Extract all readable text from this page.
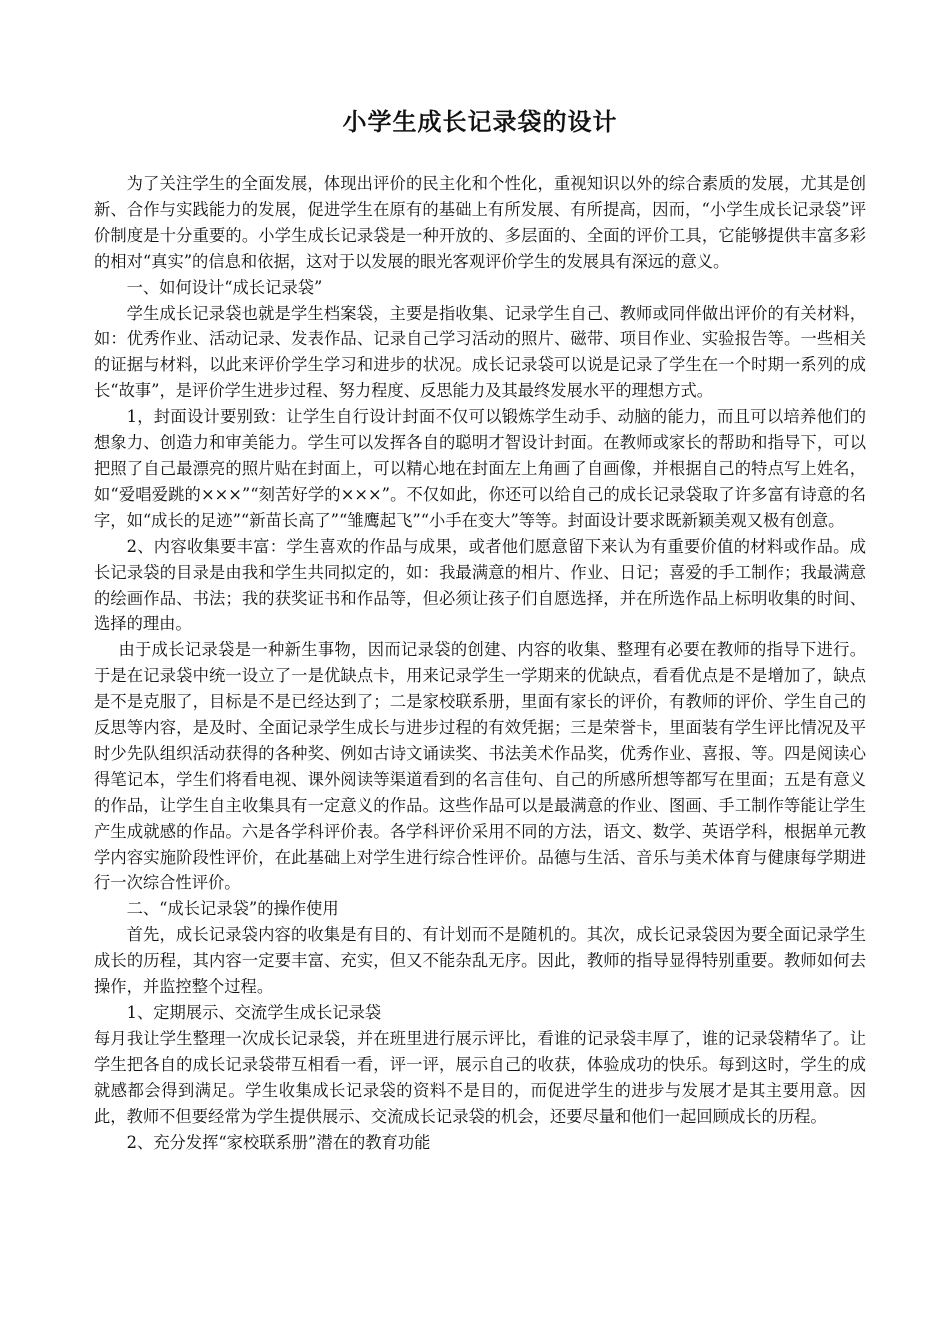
小学生成长记录袋的设计

为了关注学生的全面发展，体现出评价的民主化和个性化，重视知识以外的综合素质的发展，尤其是创新、合作与实践能力的发展，促进学生在原有的基础上有所发展、有所提高，因而，“小学生成长记录袋”评价制度是十分重要的。小学生成长记录袋是一种开放的、多层面的、全面的评价工具，它能够提供丰富多彩的相对“真实”的信息和依据，这对于以发展的眼光客观评价学生的发展具有深远的意义。

一、如何设计“成长记录袋”

学生成长记录袋也就是学生档案袋，主要是指收集、记录学生自己、教师或同伴做出评价的有关材料，如：优秀作业、活动记录、发表作品、记录自己学习活动的照片、磁带、项目作业、实验报告等。一些相关的证据与材料，以此来评价学生学习和进步的状况。成长记录袋可以说是记录了学生在一个时期一系列的成长“故事”，是评价学生进步过程、努力程度、反思能力及其最终发展水平的理想方式。

1，封面设计要别致：让学生自行设计封面不仅可以锻炼学生动手、动脑的能力，而且可以培养他们的想象力、创造力和审美能力。学生可以发挥各自的聪明才智设计封面。在教师或家长的帮助和指导下，可以把照了自己最漂亮的照片贴在封面上，可以精心地在封面左上角画了自画像，并根据自己的特点写上姓名，如“爱唱爱跳的×××”“刻苦好学的×××”。不仅如此，你还可以给自己的成长记录袋取了许多富有诗意的名字，如“成长的足迹”“新苗长高了”“雏鹰起飞”“小手在变大”等等。封面设计要求既新颖美观又极有创意。

2、内容收集要丰富：学生喜欢的作品与成果，或者他们愿意留下来认为有重要价值的材料或作品。成长记录袋的目录是由我和学生共同拟定的，如：我最满意的相片、作业、日记；喜爱的手工制作；我最满意的绘画作品、书法；我的获奖证书和作品等，但必须让孩子们自愿选择，并在所选作品上标明收集的时间、选择的理由。

由于成长记录袋是一种新生事物，因而记录袋的创建、内容的收集、整理有必要在教师的指导下进行。于是在记录袋中统一设立了一是优缺点卡，用来记录学生一学期来的优缺点，看看优点是不是增加了，缺点是不是克服了，目标是不是已经达到了；二是家校联系册，里面有家长的评价，有教师的评价、学生自己的反思等内容，是及时、全面记录学生成长与进步过程的有效凭据；三是荣誉卡，里面装有学生评比情况及平时少先队组织活动获得的各种奖、例如古诗文诵读奖、书法美术作品奖，优秀作业、喜报、等。四是阅读心得笔记本，学生们将看电视、课外阅读等渠道看到的名言佳句、自己的所感所想等都写在里面；五是有意义的作品，让学生自主收集具有一定意义的作品。这些作品可以是最满意的作业、图画、手工制作等能让学生产生成就感的作品。六是各学科评价表。各学科评价采用不同的方法，语文、数学、英语学科，根据单元教学内容实施阶段性评价，在此基础上对学生进行综合性评价。品德与生活、音乐与美术体育与健康每学期进行一次综合性评价。

二、“成长记录袋”的操作使用

首先，成长记录袋内容的收集是有目的、有计划而不是随机的。其次，成长记录袋因为要全面记录学生成长的历程，其内容一定要丰富、充实，但又不能杂乱无序。因此，教师的指导显得特别重要。教师如何去操作，并监控整个过程。

1、定期展示、交流学生成长记录袋

每月我让学生整理一次成长记录袋，并在班里进行展示评比，看谁的记录袋丰厚了，谁的记录袋精华了。让学生把各自的成长记录袋带互相看一看，评一评，展示自己的收获，体验成功的快乐。每到这时，学生的成就感都会得到满足。学生收集成长记录袋的资料不是目的，而促进学生的进步与发展才是其主要用意。因此，教师不但要经常为学生提供展示、交流成长记录袋的机会，还要尽量和他们一起回顾成长的历程。

2、充分发挥“家校联系册”潜在的教育功能
